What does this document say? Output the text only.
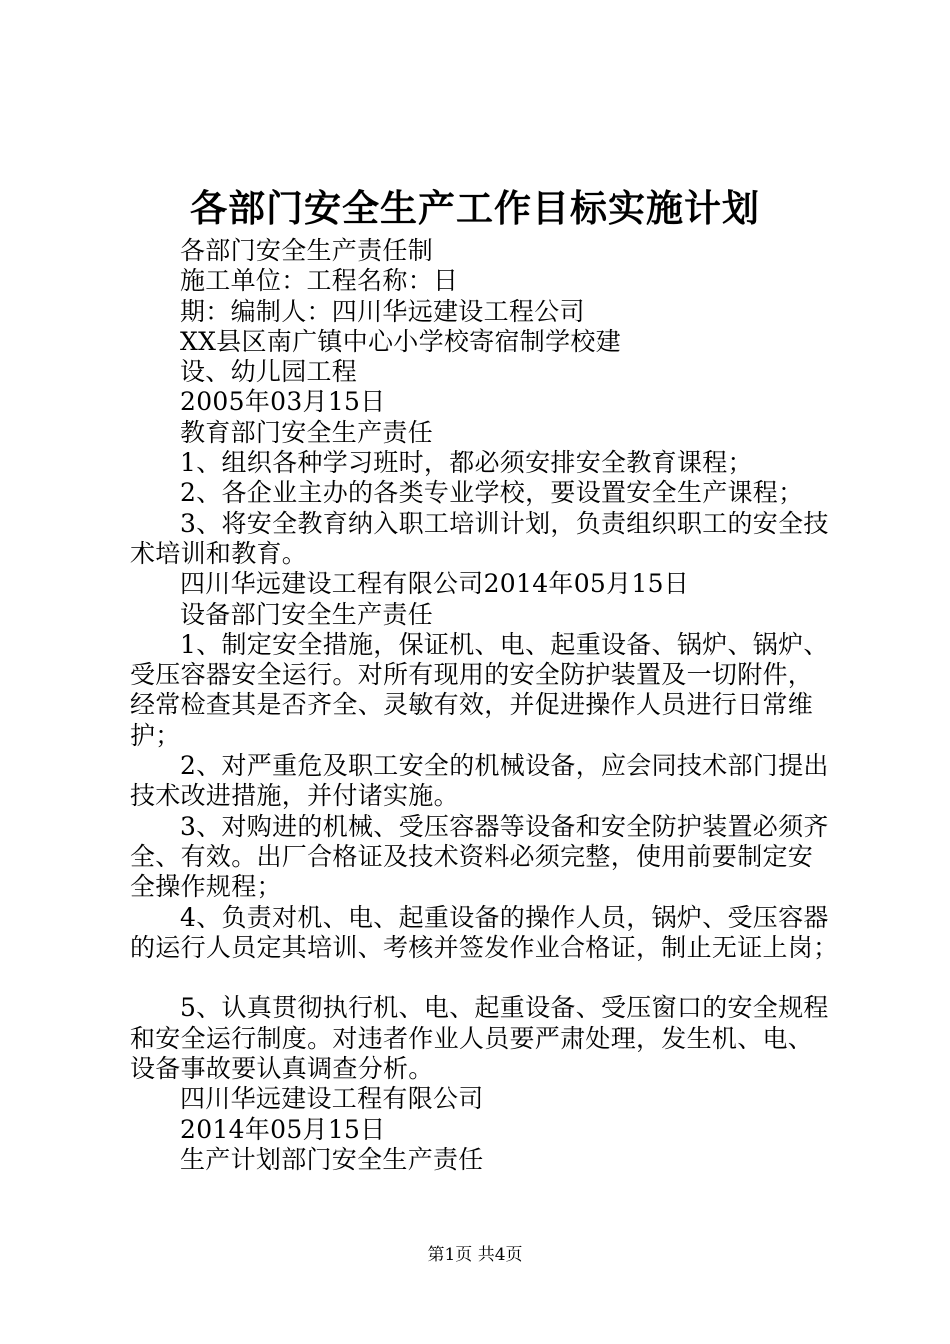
各部门安全生产工作目标实施计划
各部门安全生产责任制
施工单位：工程名称：日
期：编制人：四川华远建设工程公司
XX县区南广镇中心小学校寄宿制学校建
设、幼儿园工程
2005年03月15日
教育部门安全生产责任
1、组织各种学习班时，都必须安排安全教育课程；
2、各企业主办的各类专业学校，要设置安全生产课程；
3、将安全教育纳入职工培训计划，负责组织职工的安全技
术培训和教育。
四川华远建设工程有限公司2014年05月15日
设备部门安全生产责任
1、制定安全措施，保证机、电、起重设备、锅炉、锅炉、
受压容器安全运行。对所有现用的安全防护装置及一切附件，
经常检查其是否齐全、灵敏有效，并促进操作人员进行日常维
护；
2、对严重危及职工安全的机械设备，应会同技术部门提出
技术改进措施，并付诸实施。
3、对购进的机械、受压容器等设备和安全防护装置必须齐
全、有效。出厂合格证及技术资料必须完整，使用前要制定安
全操作规程；
4、负责对机、电、起重设备的操作人员，锅炉、受压容器
的运行人员定其培训、考核并签发作业合格证，制止无证上岗；
5、认真贯彻执行机、电、起重设备、受压窗口的安全规程
和安全运行制度。对违者作业人员要严肃处理，发生机、电、
设备事故要认真调查分析。
四川华远建设工程有限公司
2014年05月15日
生产计划部门安全生产责任
第1页 共4页
